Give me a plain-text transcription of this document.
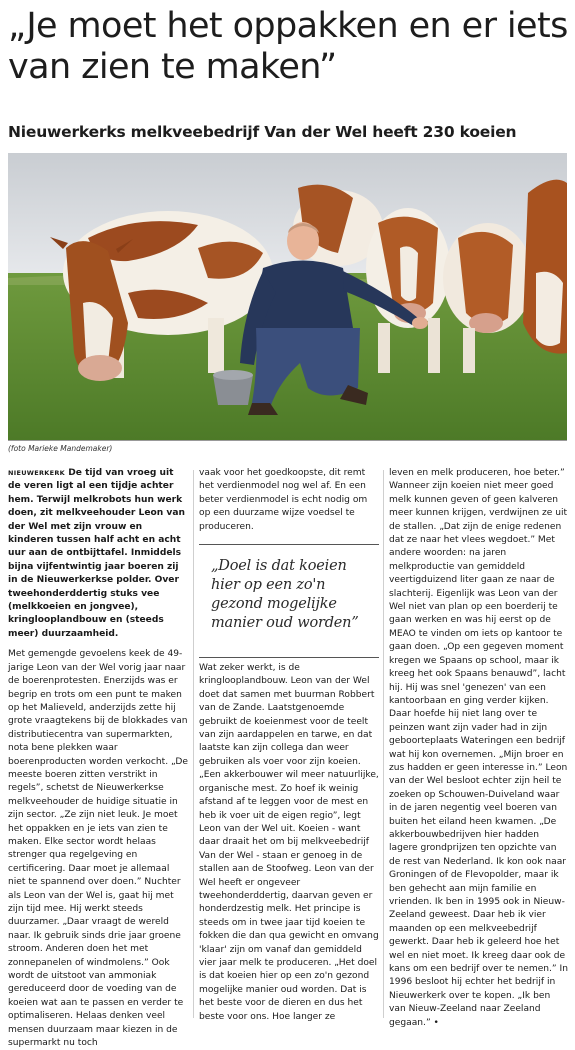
„Je moet het oppakken en er iets van zien te maken”
Nieuwerkerks melkveebedrijf Van der Wel heeft 230 koeien
(foto Marieke Mandemaker)

NIEUWERKERK De tijd van vroeg uit de veren ligt al een tijdje achter hem. Terwijl melkrobots hun werk doen, zit melkveehouder Leon van der Wel met zijn vrouw en kinderen tussen half acht en acht uur aan de ontbijttafel. Inmiddels bijna vijfentwintig jaar boeren zij in de Nieuwerkerkse polder. Over tweehonderddertig stuks vee (melkkoeien en jongvee), kringlooplandbouw en (steeds meer) duurzaamheid.

Met gemengde gevoelens keek de 49-jarige Leon van der Wel vorig jaar naar de boerenprotesten. Enerzijds was er begrip en trots om een punt te maken op het Malieveld, anderzijds zette hij grote vraagtekens bij de blokkades van distributiecentra van supermarkten, nota bene plekken waar boerenproducten worden verkocht. „De meeste boeren zitten verstrikt in regels”, schetst de Nieuwerkerkse melkveehouder de huidige situatie in zijn sector. „Ze zijn niet leuk. Je moet het oppakken en je iets van zien te maken. Elke sector wordt helaas strenger qua regelgeving en certificering. Daar moet je allemaal niet te spannend over doen.” Nuchter als Leon van der Wel is, gaat hij met zijn tijd mee. Hij werkt steeds duurzamer. „Daar vraagt de wereld naar. Ik gebruik sinds drie jaar groene stroom. Anderen doen het met zonnepanelen of windmolens.” Ook wordt de uitstoot van ammoniak gereduceerd door de voeding van de koeien wat aan te passen en verder te optimaliseren. Helaas denken veel mensen duurzaam maar kiezen in de supermarkt nu toch

vaak voor het goedkoopste, dit remt het verdienmodel nog wel af. En een beter verdienmodel is echt nodig om op een duurzame wijze voedsel te produceren.

Wat zeker werkt, is de kringlooplandbouw. Leon van der Wel doet dat samen met buurman Robbert van de Zande. Laatstgenoemde gebruikt de koeienmest voor de teelt van zijn aardappelen en tarwe, en dat laatste kan zijn collega dan weer gebruiken als voer voor zijn koeien. „Een akkerbouwer wil meer natuurlijke, organische mest. Zo hoef ik weinig afstand af te leggen voor de mest en heb ik voer uit de eigen regio”, legt Leon van der Wel uit. Koeien - want daar draait het om bij melkveebedrijf Van der Wel - staan er genoeg in de stallen aan de Stoofweg. Leon van der Wel heeft er ongeveer tweehonderddertig, daarvan geven er honderdzestig melk. Het principe is steeds om in twee jaar tijd koeien te fokken die dan qua gewicht en omvang 'klaar' zijn om vanaf dan gemiddeld vier jaar melk te produceren. „Het doel is dat koeien hier op een zo'n gezond mogelijke manier oud worden. Dat is het beste voor de dieren en dus het beste voor ons. Hoe langer ze

„Doel is dat koeien hier op een zo'n gezond mogelijke manier oud worden”

leven en melk produceren, hoe beter.” Wanneer zijn koeien niet meer goed melk kunnen geven of geen kalveren meer kunnen krijgen, verdwijnen ze uit de stallen. „Dat zijn de enige redenen dat ze naar het vlees wegdoet.” Met andere woorden: na jaren melkproductie van gemiddeld veertigduizend liter gaan ze naar de slachterij. Eigenlijk was Leon van der Wel niet van plan op een boerderij te gaan werken en was hij eerst op de MEAO te vinden om iets op kantoor te gaan doen. „Op een gegeven moment kregen we Spaans op school, maar ik kreeg het ook Spaans benauwd”, lacht hij. Hij was snel 'genezen' van een kantoorbaan en ging verder kijken. Daar hoefde hij niet lang over te peinzen want zijn vader had in zijn geboorteplaats Wateringen een bedrijf wat hij kon overnemen. „Mijn broer en zus hadden er geen interesse in.” Leon van der Wel besloot echter zijn heil te zoeken op Schouwen-Duiveland waar in de jaren negentig veel boeren van buiten het eiland heen kwamen. „De akkerbouwbedrijven hier hadden lagere grondprijzen ten opzichte van de rest van Nederland. Ik kon ook naar Groningen of de Flevopolder, maar ik ben gehecht aan mijn familie en vrienden. Ik ben in 1995 ook in Nieuw-Zeeland geweest. Daar heb ik vier maanden op een melkveebedrijf gewerkt. Daar heb ik geleerd hoe het wel en niet moet. Ik kreeg daar ook de kans om een bedrijf over te nemen.” In 1996 besloot hij echter het bedrijf in Nieuwerkerk over te kopen. „Ik ben van Nieuw-Zeeland naar Zeeland gegaan.” •
